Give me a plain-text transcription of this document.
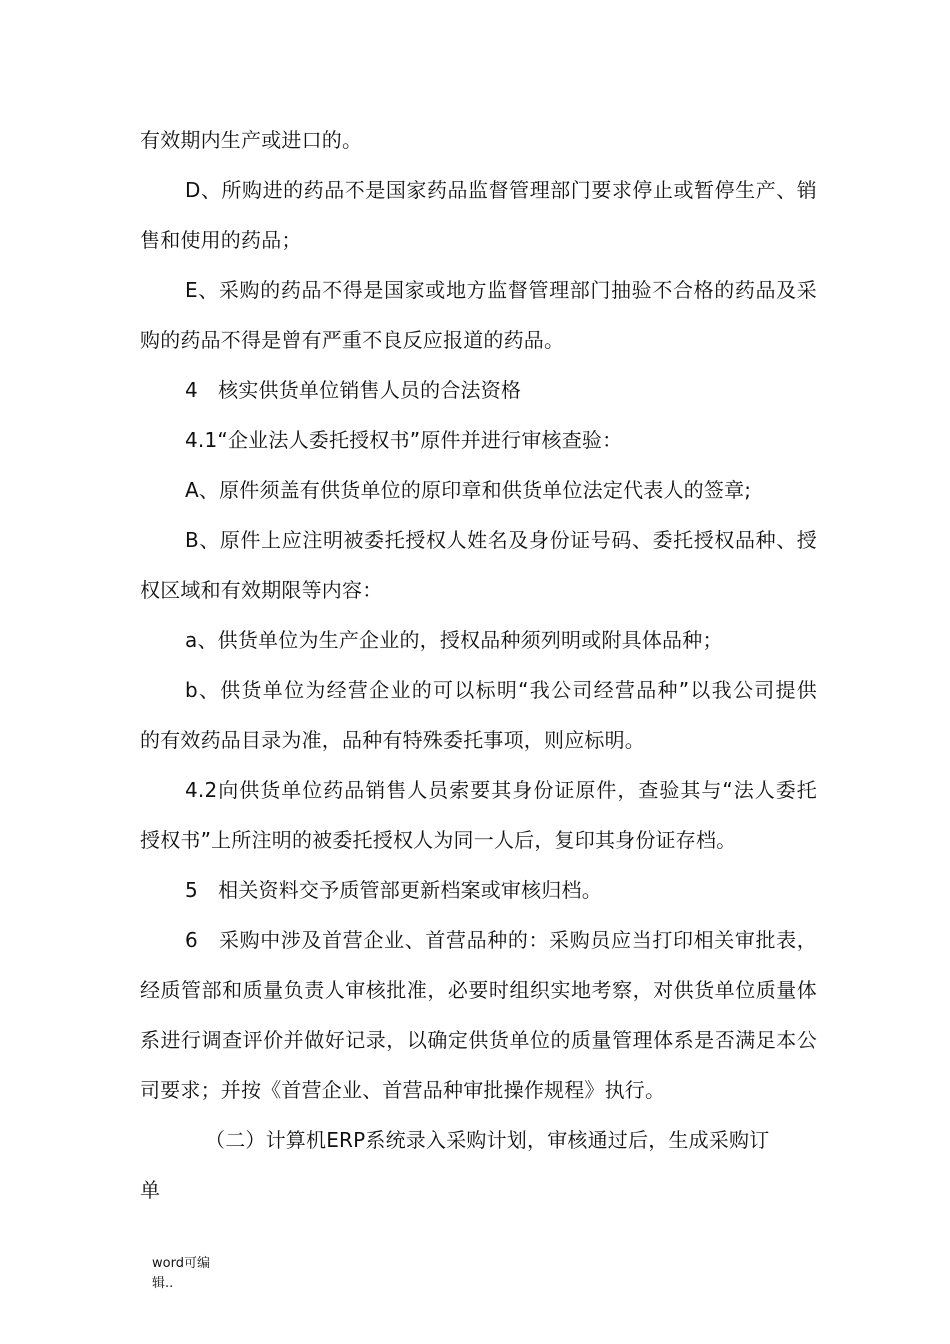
有效期内生产或进口的。
D、所购进的药品不是国家药品监督管理部门要求停止或暂停生产、销
售和使用的药品；
E、采购的药品不得是国家或地方监督管理部门抽验不合格的药品及采
购的药品不得是曾有严重不良反应报道的药品。
4　核实供货单位销售人员的合法资格
4.1“企业法人委托授权书”原件并进行审核查验：
A、原件须盖有供货单位的原印章和供货单位法定代表人的签章;
B、原件上应注明被委托授权人姓名及身份证号码、委托授权品种、授
权区域和有效期限等内容：
a、供货单位为生产企业的，授权品种须列明或附具体品种；
b、供货单位为经营企业的可以标明“我公司经营品种”以我公司提供
的有效药品目录为准，品种有特殊委托事项，则应标明。
4.2向供货单位药品销售人员索要其身份证原件，查验其与“法人委托
授权书”上所注明的被委托授权人为同一人后，复印其身份证存档。
5　相关资料交予质管部更新档案或审核归档。
6　采购中涉及首营企业、首营品种的：采购员应当打印相关审批表，
经质管部和质量负责人审核批准，必要时组织实地考察，对供货单位质量体
系进行调查评价并做好记录，以确定供货单位的质量管理体系是否满足本公
司要求；并按《首营企业、首营品种审批操作规程》执行。
（二）计算机ERP系统录入采购计划，审核通过后，生成采购订
单
word可编
辑..
